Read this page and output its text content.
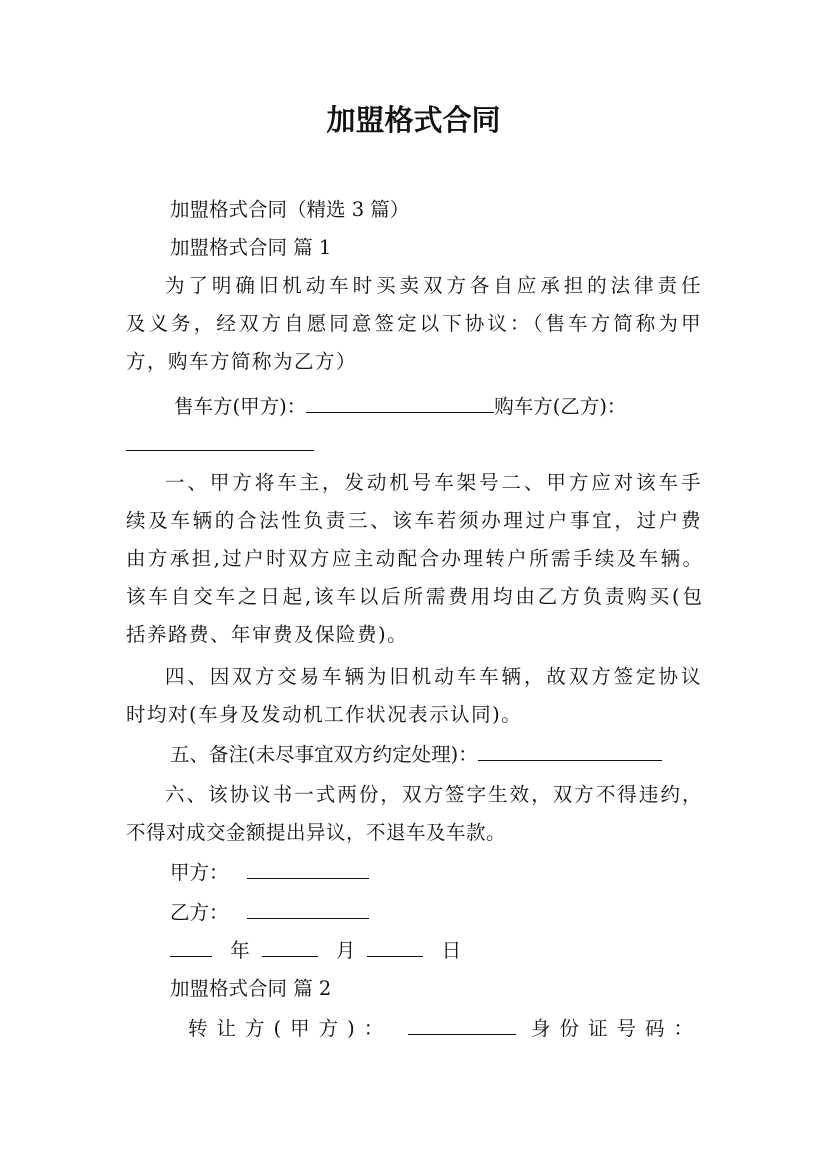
加盟格式合同
加盟格式合同（精选 3 篇）
加盟格式合同 篇 1
为了明确旧机动车时买卖双方各自应承担的法律责任
及义务，经双方自愿同意签定以下协议：（售车方简称为甲
方，购车方简称为乙方）
售车方(甲方)：	购车方(乙方)：
一、甲方将车主，发动机号车架号二、甲方应对该车手
续及车辆的合法性负责三、该车若须办理过户事宜，过户费
由方承担,过户时双方应主动配合办理转户所需手续及车辆。
该车自交车之日起,该车以后所需费用均由乙方负责购买(包
括养路费、年审费及保险费)。
四、因双方交易车辆为旧机动车车辆，故双方签定协议
时均对(车身及发动机工作状况表示认同)。
五、备注(未尽事宜双方约定处理)：
六、该协议书一式两份，双方签字生效，双方不得违约，
不得对成交金额提出异议，不退车及车款。
甲方：
乙方：
年	月	日
加盟格式合同 篇 2
转让方(甲方)：	身份证号码：
